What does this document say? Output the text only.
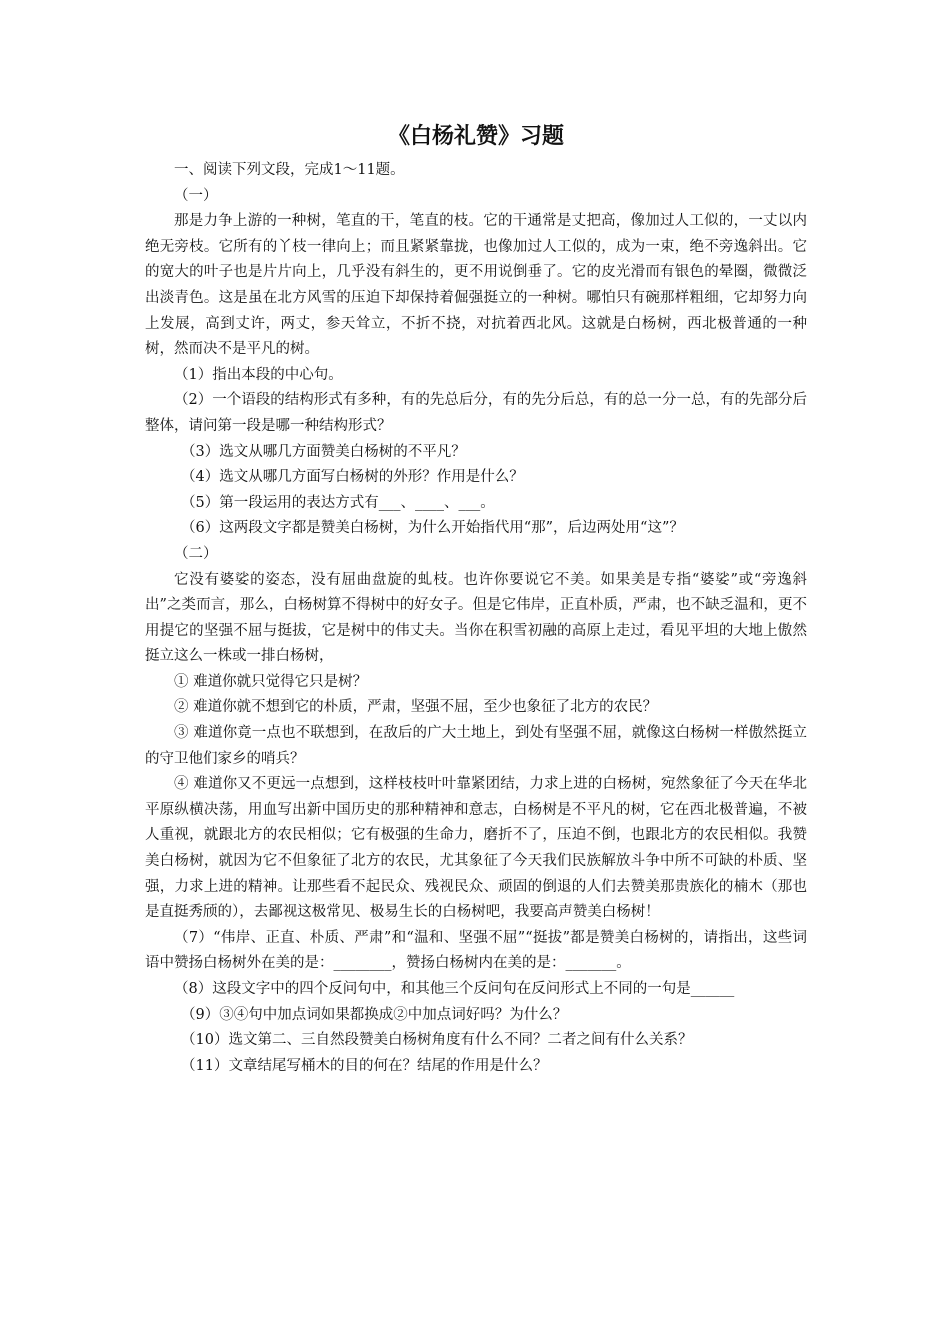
《白杨礼赞》习题

一、阅读下列文段，完成1～11题。

（一）

那是力争上游的一种树，笔直的干，笔直的枝。它的干通常是丈把高，像加过人工似的，一丈以内绝无旁枝。它所有的丫枝一律向上；而且紧紧靠拢，也像加过人工似的，成为一束，绝不旁逸斜出。它的宽大的叶子也是片片向上，几乎没有斜生的，更不用说倒垂了。它的皮光滑而有银色的晕圈，微微泛出淡青色。这是虽在北方风雪的压迫下却保持着倔强挺立的一种树。哪怕只有碗那样粗细，它却努力向上发展，高到丈许，两丈，参天耸立，不折不挠，对抗着西北风。这就是白杨树，西北极普通的一种树，然而决不是平凡的树。

（1）指出本段的中心句。

（2）一个语段的结构形式有多种，有的先总后分，有的先分后总，有的总一分一总，有的先部分后整体，请问第一段是哪一种结构形式？

（3）选文从哪几方面赞美白杨树的不平凡？

（4）选文从哪几方面写白杨树的外形？作用是什么？

（5）第一段运用的表达方式有___、____、___。

（6）这两段文字都是赞美白杨树，为什么开始指代用“那”，后边两处用“这”？

（二）

它没有婆娑的姿态，没有屈曲盘旋的虬枝。也许你要说它不美。如果美是专指“婆娑”或“旁逸斜出”之类而言，那么，白杨树算不得树中的好女子。但是它伟岸，正直朴质，严肃，也不缺乏温和，更不用提它的坚强不屈与挺拔，它是树中的伟丈夫。当你在积雪初融的高原上走过，看见平坦的大地上傲然挺立这么一株或一排白杨树，

① 难道你就只觉得它只是树？

② 难道你就不想到它的朴质，严肃，坚强不屈，至少也象征了北方的农民？

③ 难道你竟一点也不联想到，在敌后的广大土地上，到处有坚强不屈，就像这白杨树一样傲然挺立的守卫他们家乡的哨兵？

④ 难道你又不更远一点想到，这样枝枝叶叶靠紧团结，力求上进的白杨树，宛然象征了今天在华北平原纵横决荡，用血写出新中国历史的那种精神和意志，白杨树是不平凡的树，它在西北极普遍，不被人重视，就跟北方的农民相似；它有极强的生命力，磨折不了，压迫不倒，也跟北方的农民相似。我赞美白杨树，就因为它不但象征了北方的农民，尤其象征了今天我们民族解放斗争中所不可缺的朴质、坚强，力求上进的精神。让那些看不起民众、残视民众、顽固的倒退的人们去赞美那贵族化的楠木（那也是直挺秀颀的），去鄙视这极常见、极易生长的白杨树吧，我要高声赞美白杨树！

（7）“伟岸、正直、朴质、严肃”和“温和、坚强不屈”“挺拔”都是赞美白杨树的，请指出，这些词语中赞扬白杨树外在美的是：________，赞扬白杨树内在美的是：_______。

（8）这段文字中的四个反问句中，和其他三个反问句在反问形式上不同的一句是______

（9）③④句中加点词如果都换成②中加点词好吗？为什么？

（10）选文第二、三自然段赞美白杨树角度有什么不同？二者之间有什么关系？

（11）文章结尾写桶木的目的何在？结尾的作用是什么？
